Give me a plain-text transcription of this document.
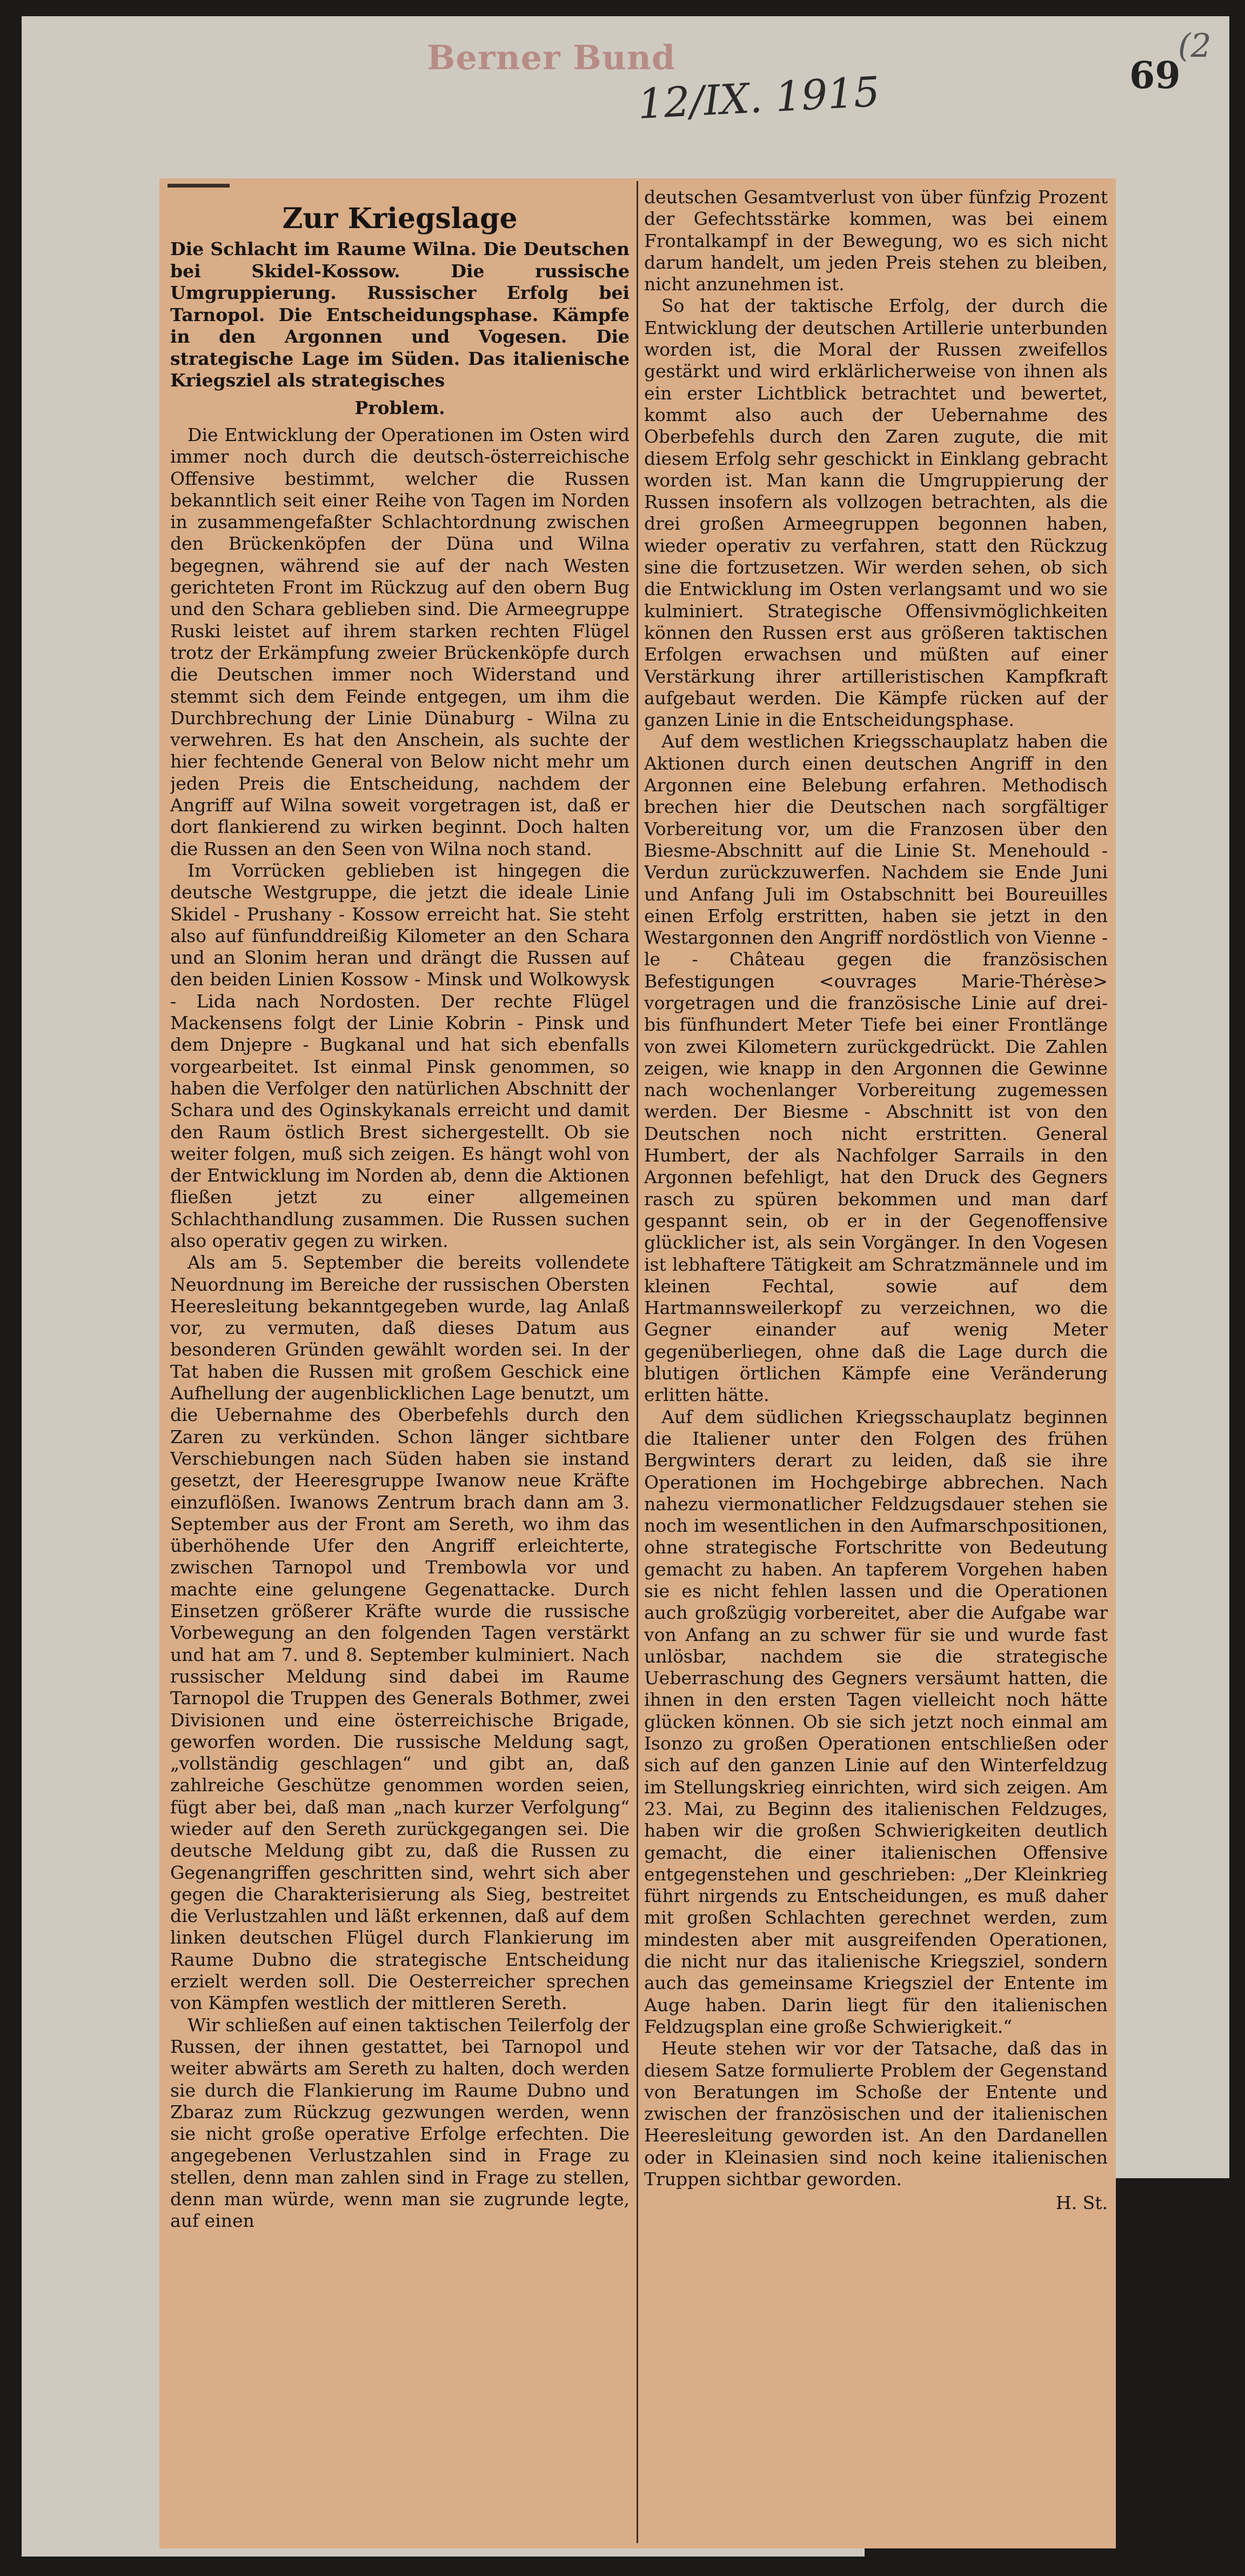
Berner Bund
12/IX. 1915	69
(2
Zur Kriegslage
Die Schlacht im Raume Wilna. Die Deutschen bei Skidel-Kossow. Die russische Umgruppierung. Russischer Erfolg bei Tarnopol. Die Entscheidungsphase. Kämpfe in den Argonnen und Vogesen. Die strategische Lage im Süden. Das italienische Kriegsziel als strategisches
Problem.

Die Entwicklung der Operationen im Osten wird immer noch durch die deutsch-österreichische Offensive bestimmt, welcher die Russen bekanntlich seit einer Reihe von Tagen im Norden in zusammengefaßter Schlachtordnung zwischen den Brückenköpfen der Düna und Wilna begegnen, während sie auf der nach Westen gerichteten Front im Rückzug auf den obern Bug und den Schara geblieben sind. Die Armeegruppe Ruski leistet auf ihrem starken rechten Flügel trotz der Erkämpfung zweier Brückenköpfe durch die Deutschen immer noch Widerstand und stemmt sich dem Feinde entgegen, um ihm die Durchbrechung der Linie Dünaburg - Wilna zu verwehren. Es hat den Anschein, als suchte der hier fechtende General von Below nicht mehr um jeden Preis die Entscheidung, nachdem der Angriff auf Wilna soweit vorgetragen ist, daß er dort flankierend zu wirken beginnt. Doch halten die Russen an den Seen von Wilna noch stand.

Im Vorrücken geblieben ist hingegen die deutsche Westgruppe, die jetzt die ideale Linie Skidel - Prushany - Kossow erreicht hat. Sie steht also auf fünfunddreißig Kilometer an den Schara und an Slonim heran und drängt die Russen auf den beiden Linien Kossow - Minsk und Wolkowysk - Lida nach Nordosten. Der rechte Flügel Mackensens folgt der Linie Kobrin - Pinsk und dem Dnjepre - Bugkanal und hat sich ebenfalls vorgearbeitet. Ist einmal Pinsk genommen, so haben die Verfolger den natürlichen Abschnitt der Schara und des Oginskykanals erreicht und damit den Raum östlich Brest sichergestellt. Ob sie weiter folgen, muß sich zeigen. Es hängt wohl von der Entwicklung im Norden ab, denn die Aktionen fließen jetzt zu einer allgemeinen Schlachthandlung zusammen. Die Russen suchen also operativ gegen zu wirken.

Als am 5. September die bereits vollendete Neuordnung im Bereiche der russischen Obersten Heeresleitung bekanntgegeben wurde, lag Anlaß vor, zu vermuten, daß dieses Datum aus besonderen Gründen gewählt worden sei. In der Tat haben die Russen mit großem Geschick eine Aufhellung der augenblicklichen Lage benutzt, um die Uebernahme des Oberbefehls durch den Zaren zu verkünden. Schon länger sichtbare Verschiebungen nach Süden haben sie instand gesetzt, der Heeresgruppe Iwanow neue Kräfte einzuflößen. Iwanows Zentrum brach dann am 3. September aus der Front am Sereth, wo ihm das überhöhende Ufer den Angriff erleichterte, zwischen Tarnopol und Trembowla vor und machte eine gelungene Gegenattacke. Durch Einsetzen größerer Kräfte wurde die russische Vorbewegung an den folgenden Tagen verstärkt und hat am 7. und 8. September kulminiert. Nach russischer Meldung sind dabei im Raume Tarnopol die Truppen des Generals Bothmer, zwei Divisionen und eine österreichische Brigade, geworfen worden. Die russische Meldung sagt, „vollständig geschlagen“ und gibt an, daß zahlreiche Geschütze genommen worden seien, fügt aber bei, daß man „nach kurzer Verfolgung“ wieder auf den Sereth zurückgegangen sei. Die deutsche Meldung gibt zu, daß die Russen zu Gegenangriffen geschritten sind, wehrt sich aber gegen die Charakterisierung als Sieg, bestreitet die Verlustzahlen und läßt erkennen, daß auf dem linken deutschen Flügel durch Flankierung im Raume Dubno die strategische Entscheidung erzielt werden soll. Die Oesterreicher sprechen von Kämpfen westlich der mittleren Sereth.

Wir schließen auf einen taktischen Teilerfolg der Russen, der ihnen gestattet, bei Tarnopol und weiter abwärts am Sereth zu halten, doch werden sie durch die Flankierung im Raume Dubno und Zbaraz zum Rückzug gezwungen werden, wenn sie nicht große operative Erfolge erfechten. Die angegebenen Verlustzahlen sind in Frage zu stellen, denn man zahlen sind in Frage zu stellen, denn man würde, wenn man sie zugrunde legte, auf einen

deutschen Gesamtverlust von über fünfzig Prozent der Gefechtsstärke kommen, was bei einem Frontalkampf in der Bewegung, wo es sich nicht darum handelt, um jeden Preis stehen zu bleiben, nicht anzunehmen ist.

So hat der taktische Erfolg, der durch die Entwicklung der deutschen Artillerie unterbunden worden ist, die Moral der Russen zweifellos gestärkt und wird erklärlicherweise von ihnen als ein erster Lichtblick betrachtet und bewertet, kommt also auch der Uebernahme des Oberbefehls durch den Zaren zugute, die mit diesem Erfolg sehr geschickt in Einklang gebracht worden ist. Man kann die Umgruppierung der Russen insofern als vollzogen betrachten, als die drei großen Armeegruppen begonnen haben, wieder operativ zu verfahren, statt den Rückzug sine die fortzusetzen. Wir werden sehen, ob sich die Entwicklung im Osten verlangsamt und wo sie kulminiert. Strategische Offensivmöglichkeiten können den Russen erst aus größeren taktischen Erfolgen erwachsen und müßten auf einer Verstärkung ihrer artilleristischen Kampfkraft aufgebaut werden. Die Kämpfe rücken auf der ganzen Linie in die Entscheidungsphase.

Auf dem westlichen Kriegsschauplatz haben die Aktionen durch einen deutschen Angriff in den Argonnen eine Belebung erfahren. Methodisch brechen hier die Deutschen nach sorgfältiger Vorbereitung vor, um die Franzosen über den Biesme-Abschnitt auf die Linie St. Menehould - Verdun zurückzuwerfen. Nachdem sie Ende Juni und Anfang Juli im Ostabschnitt bei Boureuilles einen Erfolg erstritten, haben sie jetzt in den Westargonnen den Angriff nordöstlich von Vienne - le - Château gegen die französischen Befestigungen <ouvrages Marie-Thérèse> vorgetragen und die französische Linie auf drei- bis fünfhundert Meter Tiefe bei einer Frontlänge von zwei Kilometern zurückgedrückt. Die Zahlen zeigen, wie knapp in den Argonnen die Gewinne nach wochenlanger Vorbereitung zugemessen werden. Der Biesme - Abschnitt ist von den Deutschen noch nicht erstritten. General Humbert, der als Nachfolger Sarrails in den Argonnen befehligt, hat den Druck des Gegners rasch zu spüren bekommen und man darf gespannt sein, ob er in der Gegenoffensive glücklicher ist, als sein Vorgänger. In den Vogesen ist lebhaftere Tätigkeit am Schratzmännele und im kleinen Fechtal, sowie auf dem Hartmannsweilerkopf zu verzeichnen, wo die Gegner einander auf wenig Meter gegenüberliegen, ohne daß die Lage durch die blutigen örtlichen Kämpfe eine Veränderung erlitten hätte.

Auf dem südlichen Kriegsschauplatz beginnen die Italiener unter den Folgen des frühen Bergwinters derart zu leiden, daß sie ihre Operationen im Hochgebirge abbrechen. Nach nahezu viermonatlicher Feldzugsdauer stehen sie noch im wesentlichen in den Aufmarschpositionen, ohne strategische Fortschritte von Bedeutung gemacht zu haben. An tapferem Vorgehen haben sie es nicht fehlen lassen und die Operationen auch großzügig vorbereitet, aber die Aufgabe war von Anfang an zu schwer für sie und wurde fast unlösbar, nachdem sie die strategische Ueberraschung des Gegners versäumt hatten, die ihnen in den ersten Tagen vielleicht noch hätte glücken können. Ob sie sich jetzt noch einmal am Isonzo zu großen Operationen entschließen oder sich auf den ganzen Linie auf den Winterfeldzug im Stellungskrieg einrichten, wird sich zeigen. Am 23. Mai, zu Beginn des italienischen Feldzuges, haben wir die großen Schwierigkeiten deutlich gemacht, die einer italienischen Offensive entgegenstehen und geschrieben: „Der Kleinkrieg führt nirgends zu Entscheidungen, es muß daher mit großen Schlachten gerechnet werden, zum mindesten aber mit ausgreifenden Operationen, die nicht nur das italienische Kriegsziel, sondern auch das gemeinsame Kriegsziel der Entente im Auge haben. Darin liegt für den italienischen Feldzugsplan eine große Schwierigkeit.“

Heute stehen wir vor der Tatsache, daß das in diesem Satze formulierte Problem der Gegenstand von Beratungen im Schoße der Entente und zwischen der französischen und der italienischen Heeresleitung geworden ist. An den Dardanellen oder in Kleinasien sind noch keine italienischen Truppen sichtbar geworden.

H. St.
